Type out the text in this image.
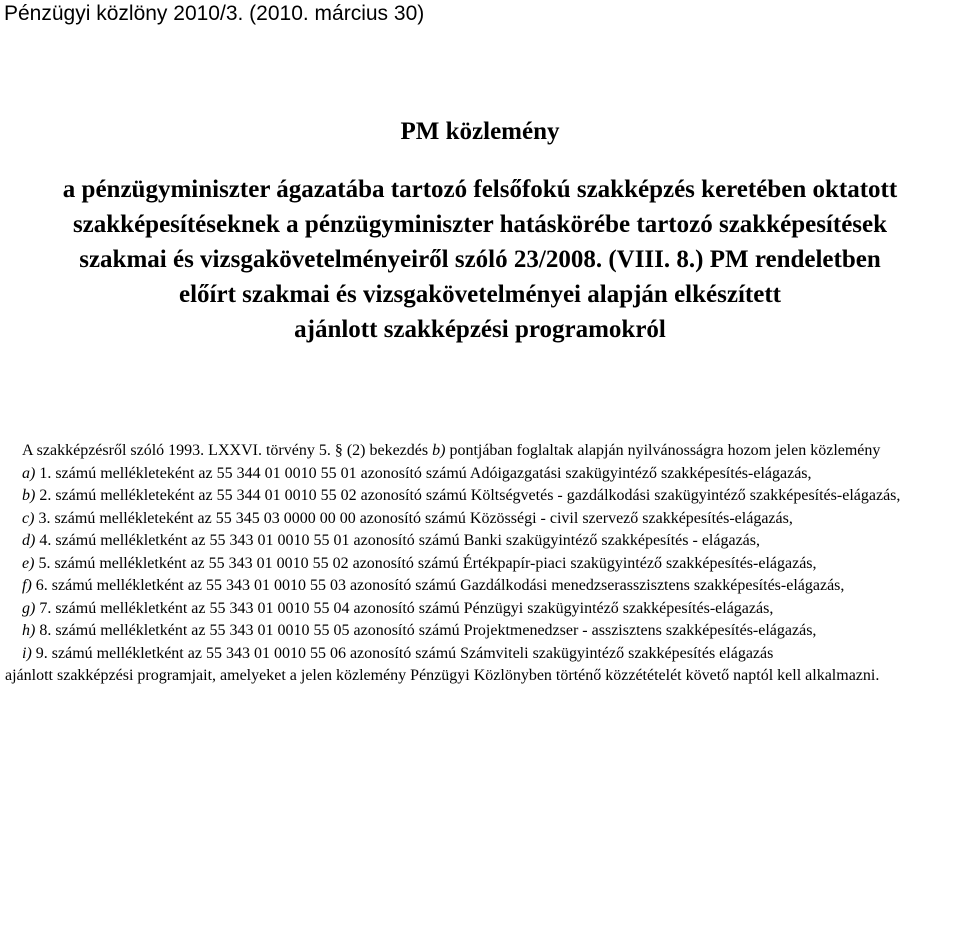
Pénzügyi közlöny 2010/3. (2010. március 30)
PM közlemény
a pénzügyminiszter ágazatába tartozó felsőfokú szakképzés keretében oktatott
szakképesítéseknek a pénzügyminiszter hatáskörébe tartozó szakképesítések
szakmai és vizsgakövetelményeiről szóló 23/2008. (VIII. 8.) PM rendeletben
előírt szakmai és vizsgakövetelményei alapján elkészített
ajánlott szakképzési programokról

A szakképzésről szóló 1993. LXXVI. törvény 5. § (2) bekezdés b) pontjában foglaltak alapján nyilvánosságra hozom jelen közlemény

a) 1. számú mellékleteként az 55 344 01 0010 55 01 azonosító számú Adóigazgatási szakügyintéző szakképesítés-elágazás,

b) 2. számú mellékleteként az 55 344 01 0010 55 02 azonosító számú Költségvetés - gazdálkodási szakügyintéző szakképesítés-elágazás,

c) 3. számú mellékleteként az 55 345 03 0000 00 00 azonosító számú Közösségi - civil szervező szakképesítés-elágazás,

d) 4. számú mellékletként az 55 343 01 0010 55 01 azonosító számú Banki szakügyintéző szakképesítés - elágazás,

e) 5. számú mellékletként az 55 343 01 0010 55 02 azonosító számú Értékpapír-piaci szakügyintéző szakképesítés-elágazás,

f) 6. számú mellékletként az 55 343 01 0010 55 03 azonosító számú Gazdálkodási menedzserasszisztens szakképesítés-elágazás,

g) 7. számú mellékletként az 55 343 01 0010 55 04 azonosító számú Pénzügyi szakügyintéző szakképesítés-elágazás,

h) 8. számú mellékletként az 55 343 01 0010 55 05 azonosító számú Projektmenedzser - asszisztens szakképesítés-elágazás,

i) 9. számú mellékletként az 55 343 01 0010 55 06 azonosító számú Számviteli szakügyintéző szakképesítés elágazás

ajánlott szakképzési programjait, amelyeket a jelen közlemény Pénzügyi Közlönyben történő közzétételét követő naptól kell alkalmazni.
